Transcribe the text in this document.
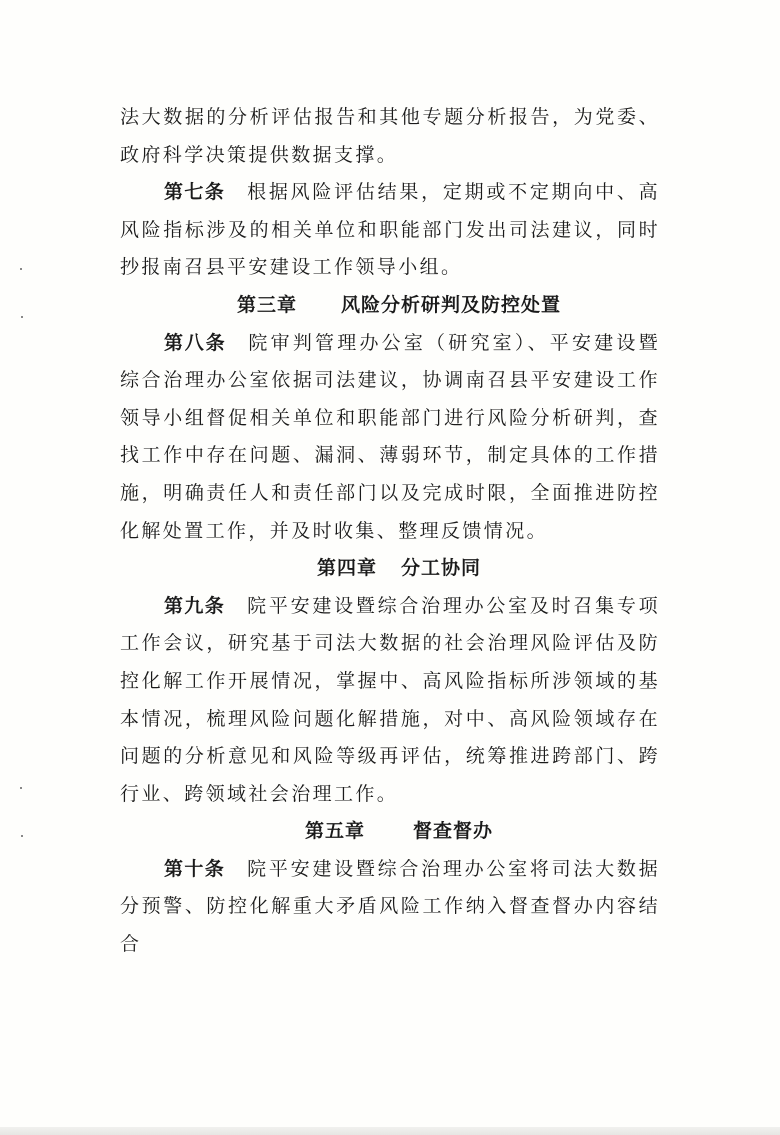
法大数据的分析评估报告和其他专题分析报告，为党委、政府科学决策提供数据支撑。

第七条 根据风险评估结果，定期或不定期向中、高风险指标涉及的相关单位和职能部门发出司法建议，同时抄报南召县平安建设工作领导小组。

第三章 风险分析研判及防控处置

第八条 院审判管理办公室（研究室）、平安建设暨综合治理办公室依据司法建议，协调南召县平安建设工作领导小组督促相关单位和职能部门进行风险分析研判，查找工作中存在问题、漏洞、薄弱环节，制定具体的工作措施，明确责任人和责任部门以及完成时限，全面推进防控化解处置工作，并及时收集、整理反馈情况。

第四章 分工协同

第九条 院平安建设暨综合治理办公室及时召集专项工作会议，研究基于司法大数据的社会治理风险评估及防控化解工作开展情况，掌握中、高风险指标所涉领域的基本情况，梳理风险问题化解措施，对中、高风险领域存在问题的分析意见和风险等级再评估，统筹推进跨部门、跨行业、跨领域社会治理工作。

第五章	督查督办

第十条 院平安建设暨综合治理办公室将司法大数据分预警、防控化解重大矛盾风险工作纳入督查督办内容结合
